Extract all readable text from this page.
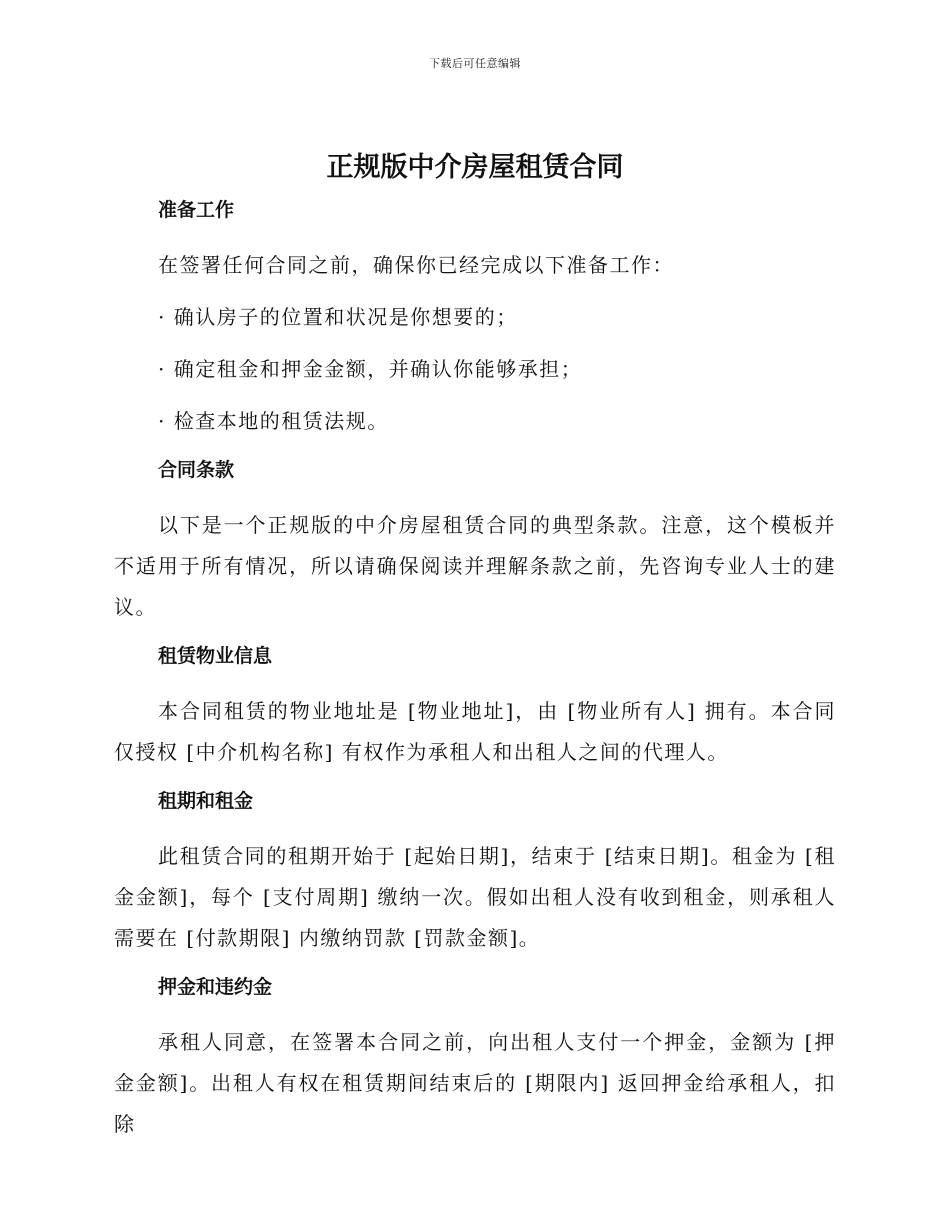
下载后可任意编辑
正规版中介房屋租赁合同
准备工作

在签署任何合同之前，确保你已经完成以下准备工作：

· 确认房子的位置和状况是你想要的；

· 确定租金和押金金额，并确认你能够承担；

· 检查本地的租赁法规。

合同条款

以下是一个正规版的中介房屋租赁合同的典型条款。注意，这个模板并不适用于所有情况，所以请确保阅读并理解条款之前，先咨询专业人士的建议。

租赁物业信息

本合同租赁的物业地址是 [物业地址]，由 [物业所有人] 拥有。本合同仅授权 [中介机构名称] 有权作为承租人和出租人之间的代理人。

租期和租金

此租赁合同的租期开始于 [起始日期]，结束于 [结束日期]。租金为 [租金金额]，每个 [支付周期] 缴纳一次。假如出租人没有收到租金，则承租人需要在 [付款期限] 内缴纳罚款 [罚款金额]。

押金和违约金

承租人同意，在签署本合同之前，向出租人支付一个押金，金额为 [押金金额]。出租人有权在租赁期间结束后的 [期限内] 返回押金给承租人，扣除
